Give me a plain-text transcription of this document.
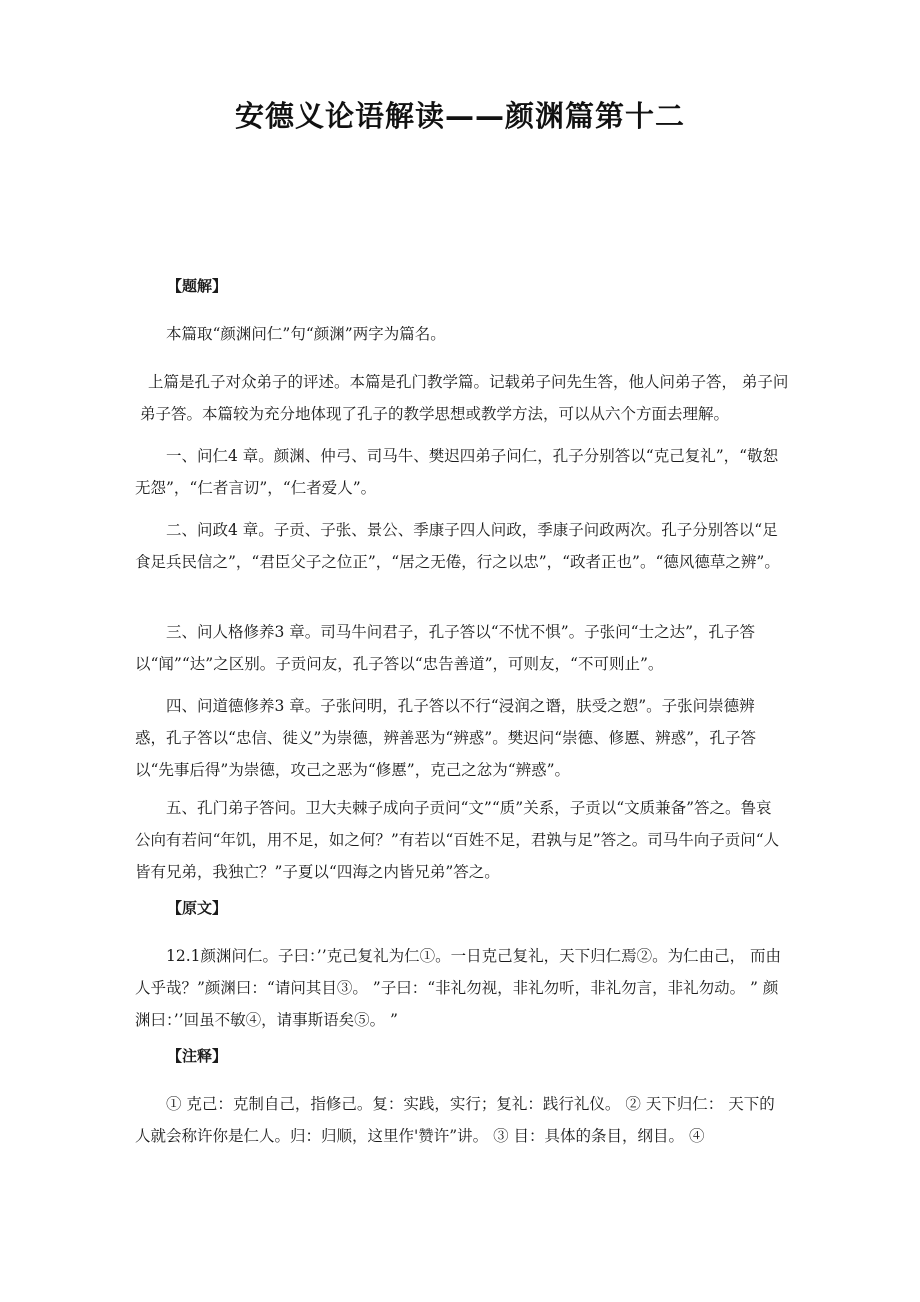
安德义论语解读——颜渊篇第十二

【题解】

本篇取“颜渊问仁”句“颜渊”两字为篇名。

上篇是孔子对众弟子的评述。本篇是孔门教学篇。记载弟子问先生答，他人问弟子答， 弟子问弟子答。本篇较为充分地体现了孔子的教学思想或教学方法，可以从六个方面去理解。

一、问仁4 章。颜渊、仲弓、司马牛、樊迟四弟子问仁，孔子分别答以“克己复礼”，“敬恕无怨”，“仁者言讱”，“仁者爱人”。

二、问政4 章。子贡、子张、景公、季康子四人问政，季康子问政两次。孔子分别答以“足食足兵民信之”，“君臣父子之位正”，“居之无倦，行之以忠”，“政者正也”。“德风德草之辨”。

三、问人格修养3 章。司马牛问君子，孔子答以“不忧不惧”。子张问“士之达”，孔子答以“闻”“达”之区别。子贡问友，孔子答以“忠告善道”，可则友，“不可则止”。

四、问道德修养3 章。子张问明，孔子答以不行“浸润之谮，肤受之愬”。子张问崇德辨惑，孔子答以“忠信、徙义”为崇德，辨善恶为“辨惑”。樊迟问“崇德、修慝、辨惑”，孔子答以“先事后得”为崇德，攻己之恶为“修慝”，克己之忿为“辨惑”。

五、孔门弟子答问。卫大夫棘子成向子贡问“文”“质”关系，子贡以“文质兼备”答之。鲁哀公向有若问“年饥，用不足，如之何？”有若以“百姓不足，君孰与足”答之。司马牛向子贡问“人皆有兄弟，我独亡？”子夏以“四海之内皆兄弟”答之。

【原文】

12.1颜渊问仁。子曰：’’克己复礼为仁①。一日克己复礼，天下归仁焉②。为仁由己， 而由人乎哉？”颜渊曰：“请问其目③。 ”子曰：“非礼勿视，非礼勿听，非礼勿言，非礼勿动。 ” 颜渊曰：’’回虽不敏④，请事斯语矣⑤。 ”

【注释】

① 克己：克制自己，指修己。复：实践，实行；复礼：践行礼仪。 ② 天下归仁： 天下的人就会称许你是仁人。归：归顺，这里作'赞许”讲。 ③ 目：具体的条目，纲目。 ④
